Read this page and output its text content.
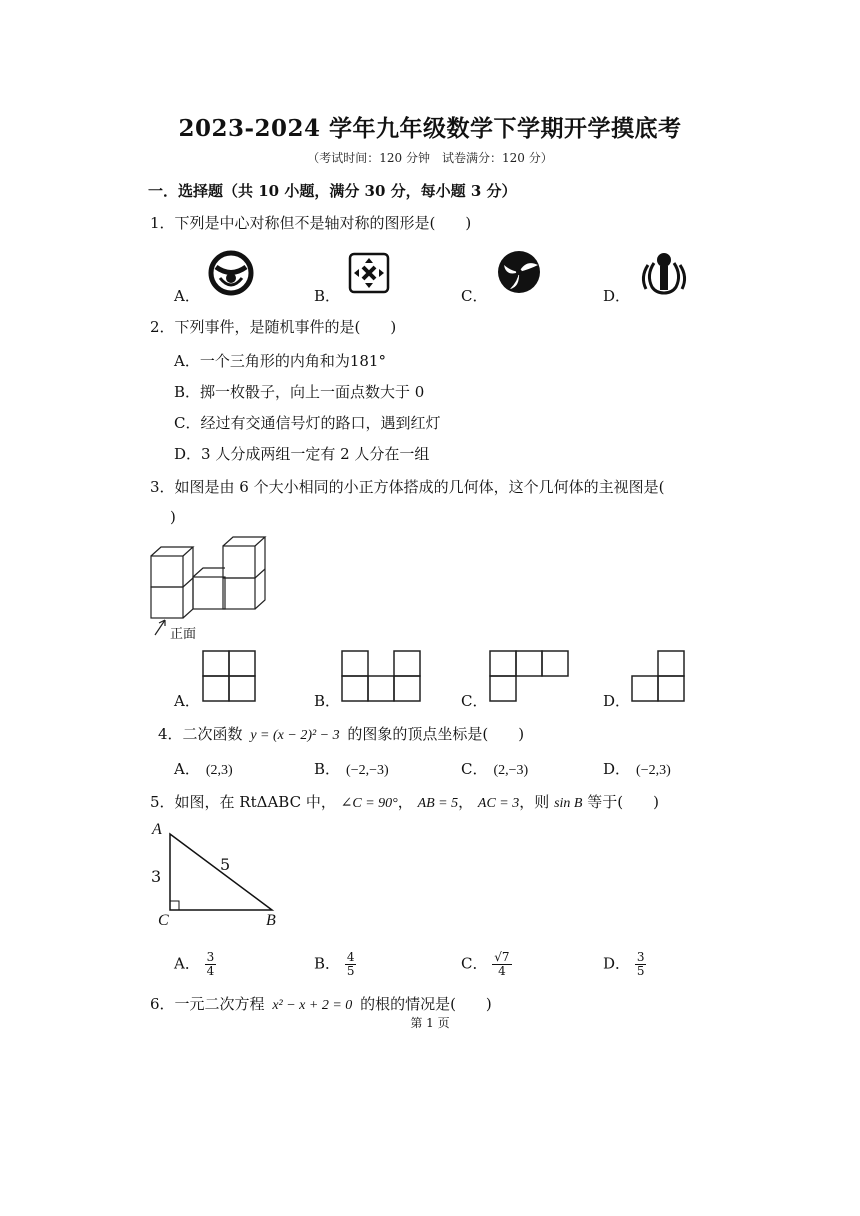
2023-2024 学年九年级数学下学期开学摸底考
（考试时间：120 分钟　试卷满分：120 分）
一．选择题（共 10 小题，满分 30 分，每小题 3 分）
1．下列是中心对称但不是轴对称的图形是(　　)
A．	B．	C．	D．
2．下列事件，是随机事件的是(　　)
A．一个三角形的内角和为181°
B．掷一枚骰子，向上一面点数大于 0
C．经过有交通信号灯的路口，遇到红灯
D．3 人分成两组一定有 2 人分在一组
3．如图是由 6 个大小相同的小正方体搭成的几何体，这个几何体的主视图是(
)
正面
A．	B．	C．	D．
4．二次函数 y = (x − 2)² − 3 的图象的顶点坐标是(　　)
A． (2,3)	B． (−2,−3)	C． (2,−3)	D． (−2,3)
5．如图，在 RtΔABC 中， ∠C = 90°， AB = 5， AC = 3，则 sin B 等于(　　)
A
C	B
3
5
A． $\frac{3}{4}$	B． $\frac{4}{5}$	C． $\frac{√7}{4}$	D． $\frac{3}{5}$
6．一元二次方程 x² − x + 2 = 0 的根的情况是(　　)
第 1 页
